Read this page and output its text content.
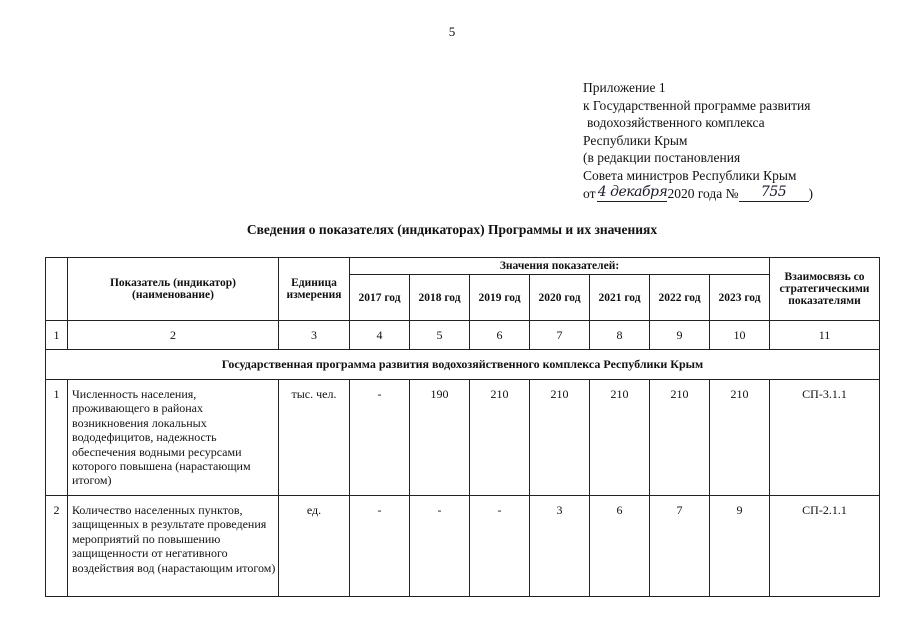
5
Приложение 1
к Государственной программе развития
водохозяйственного комплекса
Республики Крым
(в редакции постановления
Совета министров Республики Крым
от 4 декабря2020 года № 755 )
Сведения о показателях (индикаторах) Программы и их значениях
	Показатель (индикатор) (наименование)	Единица измерения	Значения показателей:							Взаимосвязь со стратегическими показателями
			2017 год	2018 год	2019 год	2020 год	2021 год	2022 год	2023 год	
1	2	3	4	5	6	7	8	9	10	11
Государственная программа развития водохозяйственного комплекса Республики Крым										
1	Численность населения, проживающего в районах возникновения локальных вододефицитов, надежность обеспечения водными ресурсами которого повышена (нарастающим итогом)	тыс. чел.	-	190	210	210	210	210	210	СП-3.1.1
2	Количество населенных пунктов, защищенных в результате проведения мероприятий по повышению защищенности от негативного воздействия вод (нарастающим итогом)	ед.	-	-	-	3	6	7	9	СП-2.1.1
